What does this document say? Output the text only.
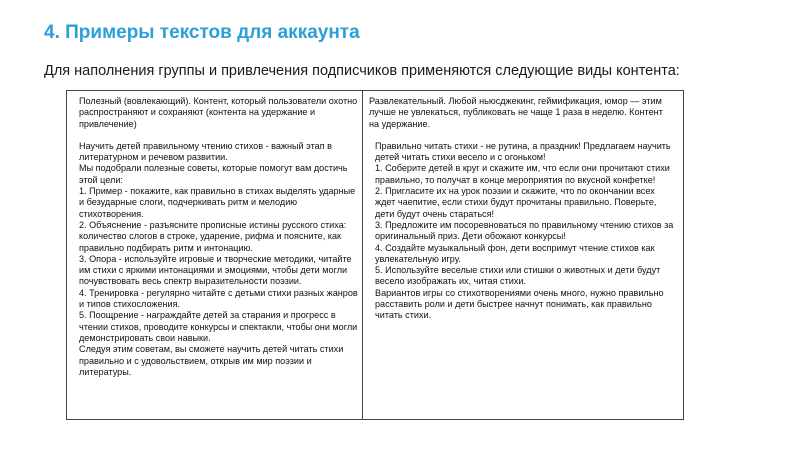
4. Примеры текстов для аккаунта
Для наполнения группы и привлечения подписчиков применяются следующие виды контента:

Полезный (вовлекающий). Контент, который пользователи охотно распространяют и сохраняют (контента на удержание и привлечение)

Научить детей правильному чтению стихов - важный этап в литературном и речевом развитии.
Мы подобрали полезные советы, которые помогут вам достичь этой цели:
1. Пример - покажите, как правильно в стихах выделять ударные и безударные слоги, подчеркивать ритм и мелодию стихотворения.
2. Объяснение - разъясните прописные истины русского стиха: количество слогов в строке, ударение, рифма и поясните, как правильно подбирать ритм и интонацию.
3. Опора - используйте игровые и творческие методики, читайте им стихи с яркими интонациями и эмоциями, чтобы дети могли почувствовать весь спектр выразительности поэзии.
4. Тренировка - регулярно читайте с детьми стихи разных жанров и типов стихосложения.
5. Поощрение - награждайте детей за старания и прогресс в чтении стихов, проводите конкурсы и спектакли, чтобы они могли демонстрировать свои навыки.
Следуя этим советам, вы сможете научить детей читать стихи правильно и с удовольствием, открыв им мир поэзии и литературы.

Развлекательный. Любой ньюсджекинг, геймификация, юмор — этим лучше не увлекаться, публиковать не чаще 1 раза в неделю. Контент на удержание.

Правильно читать стихи - не рутина, а праздник! Предлагаем научить детей читать стихи весело и с огоньком!
1. Соберите детей в круг и скажите им, что если они прочитают стихи правильно, то получат в конце мероприятия по вкусной конфетке!
2. Пригласите их на урок поэзии и скажите, что по окончании всех ждет чаепитие, если стихи будут прочитаны правильно. Поверьте, дети будут очень стараться!
3. Предложите им посоревноваться по правильному чтению стихов за оригинальный приз. Дети обожают конкурсы!
4. Создайте музыкальный фон, дети воспримут чтение стихов как увлекательную игру.
5. Используйте веселые стихи или стишки о животных и дети будут весело изображать их, читая стихи.
Вариантов игры со стихотворениями очень много, нужно правильно расставить роли и дети быстрее начнут понимать, как правильно читать стихи.
